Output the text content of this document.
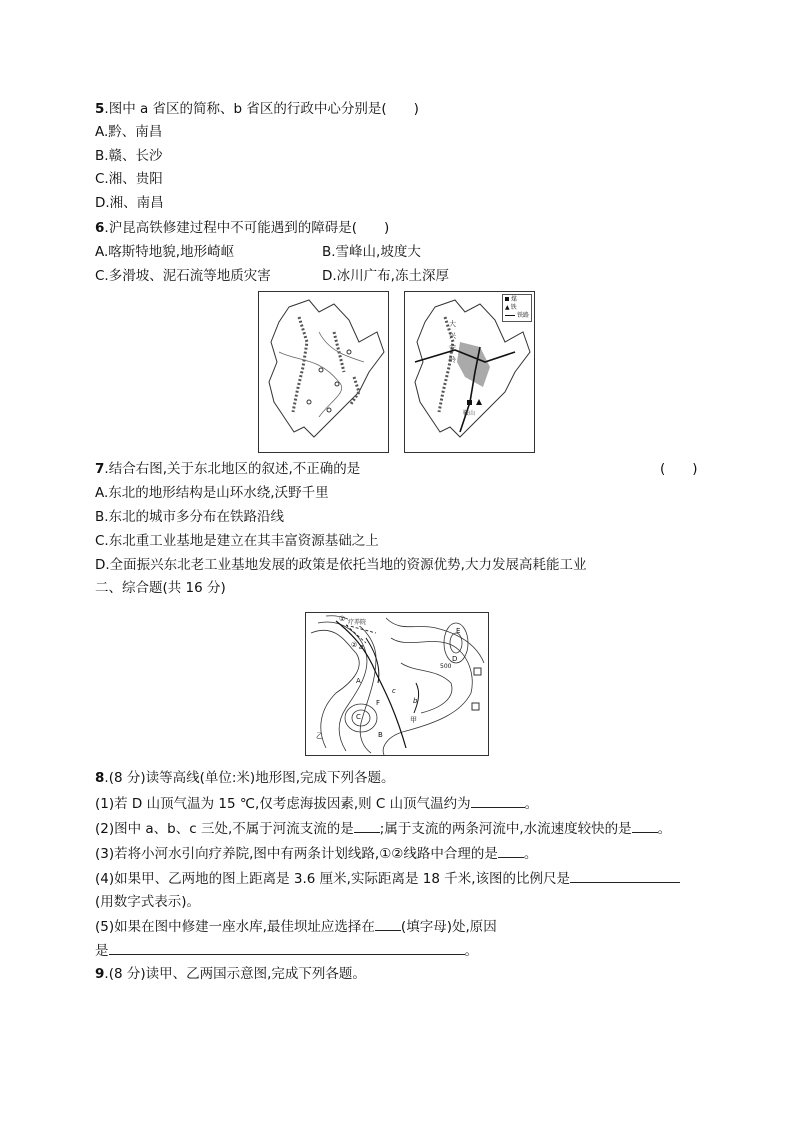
5.图中 a 省区的简称、b 省区的行政中心分别是(　　)
A.黔、南昌
B.赣、长沙
C.湘、贵阳
D.湘、南昌
6.沪昆高铁修建过程中不可能遇到的障碍是(　　)
A.喀斯特地貌,地形崎岖	B.雪峰山,坡度大
C.多滑坡、泥石流等地质灾害	D.冰川广布,冻土深厚
煤
▲铁
铁路
大
兴
安
岭
鞍山
7.结合右图,关于东北地区的叙述,不正确的是	(　　)
A.东北的地形结构是山环水绕,沃野千里
B.东北的城市多分布在铁路沿线
C.东北重工业基地是建立在其丰富资源基础之上
D.全面振兴东北老工业基地发展的政策是依托当地的资源优势,大力发展高耗能工业
二、综合题(共 16 分)
① 疗养院
② a
b
c
A
B
C
D
E
F
甲
乙
500
8.(8 分)读等高线(单位:米)地形图,完成下列各题。
(1)若 D 山顶气温为 15 ℃,仅考虑海拔因素,则 C 山顶气温约为	。
(2)图中 a、b、c 三处,不属于河流支流的是 ;属于支流的两条河流中,水流速度较快的是 。
(3)若将小河水引向疗养院,图中有两条计划线路,①②线路中合理的是 。
(4)如果甲、乙两地的图上距离是 3.6 厘米,实际距离是 18 千米,该图的比例尺是
(用数字式表示)。
(5)如果在图中修建一座水库,最佳坝址应选择在 (填字母)处,原因
是	。
9.(8 分)读甲、乙两国示意图,完成下列各题。
